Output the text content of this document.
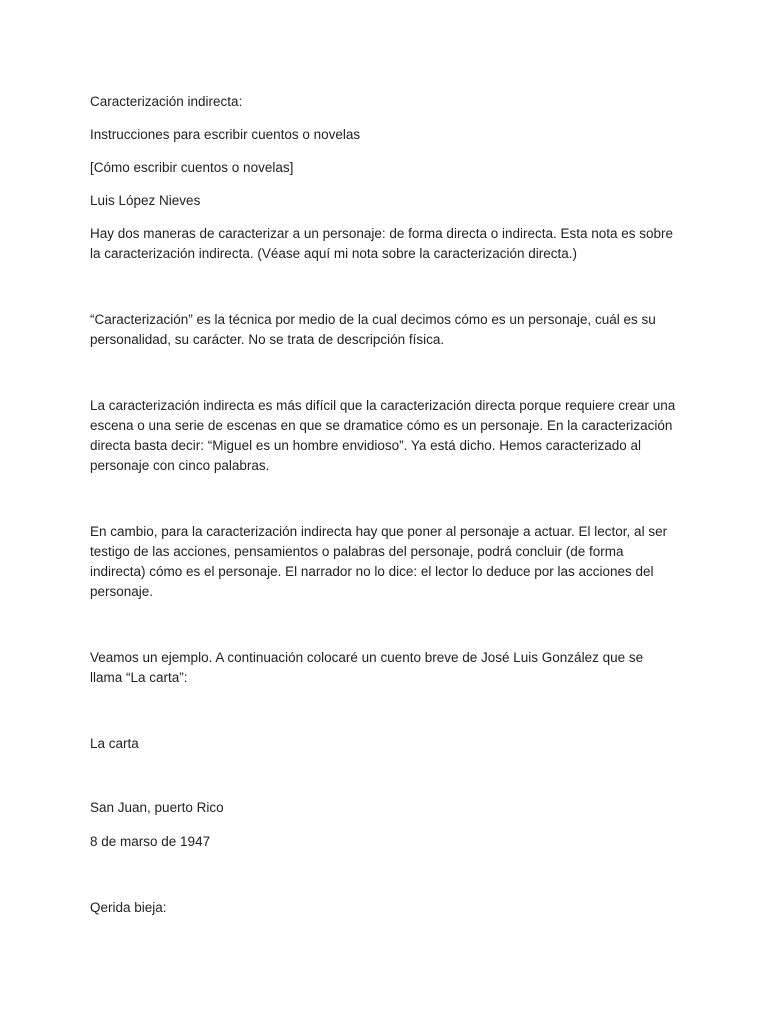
Caracterización indirecta:

Instrucciones para escribir cuentos o novelas

[Cómo escribir cuentos o novelas]

Luis López Nieves

Hay dos maneras de caracterizar a un personaje: de forma directa o indirecta. Esta nota es sobre la caracterización indirecta. (Véase aquí mi nota sobre la caracterización directa.)

“Caracterización” es la técnica por medio de la cual decimos cómo es un personaje, cuál es su personalidad, su carácter. No se trata de descripción física.

La caracterización indirecta es más difícil que la caracterización directa porque requiere crear una escena o una serie de escenas en que se dramatice cómo es un personaje. En la caracterización directa basta decir: “Miguel es un hombre envidioso”. Ya está dicho. Hemos caracterizado al personaje con cinco palabras.

En cambio, para la caracterización indirecta hay que poner al personaje a actuar. El lector, al ser testigo de las acciones, pensamientos o palabras del personaje, podrá concluir (de forma indirecta) cómo es el personaje. El narrador no lo dice: el lector lo deduce por las acciones del personaje.

Veamos un ejemplo. A continuación colocaré un cuento breve de José Luis González que se llama “La carta”:

La carta

San Juan, puerto Rico

8 de marso de 1947

Qerida bieja:
